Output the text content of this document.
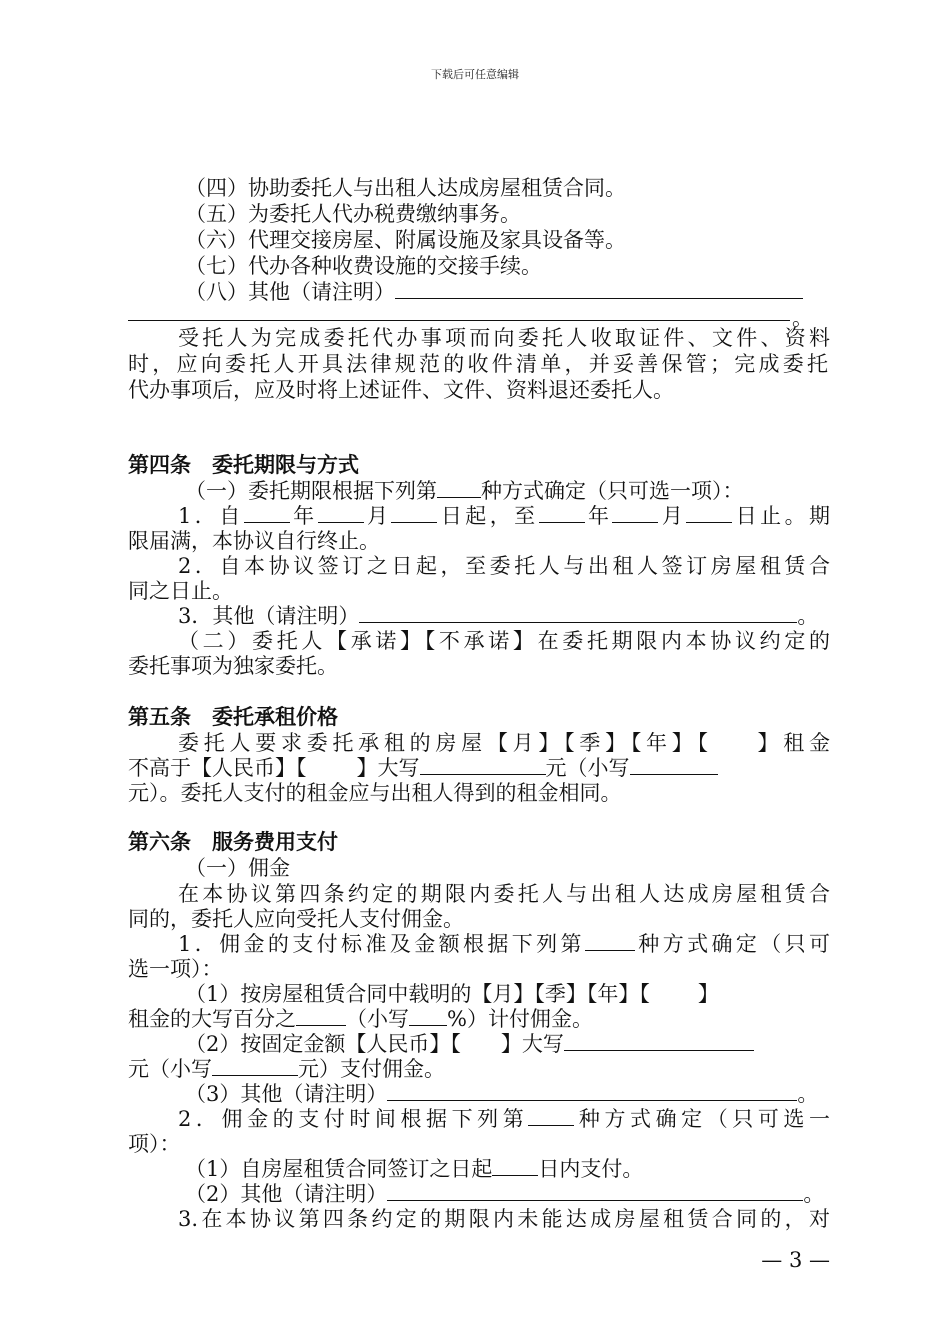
下载后可任意编辑
（四）协助委托人与出租人达成房屋租赁合同。
（五）为委托人代办税费缴纳事务。
（六）代理交接房屋、附属设施及家具设备等。
（七）代办各种收费设施的交接手续。
（八）其他（请注明）
。
受托人为完成委托代办事项而向委托人收取证件、文件、资料
时，应向委托人开具法律规范的收件清单，并妥善保管；完成委托
代办事项后，应及时将上述证件、文件、资料退还委托人。
第四条　委托期限与方式
（一）委托期限根据下列第 种方式确定（只可选一项）：
1．自 年 月 日起，至 年 月 日止。期
限届满，本协议自行终止。
2．自本协议签订之日起，至委托人与出租人签订房屋租赁合
同之日止。
3．其他（请注明）	。
（二）委托人【承诺】【不承诺】在委托期限内本协议约定的
委托事项为独家委托。
第五条　委托承租价格
委托人要求委托承租的房屋【月】【季】【年】【 】租金
不高于【人民币】【 】大写	元（小写
元）。委托人支付的租金应与出租人得到的租金相同。
第六条　服务费用支付
（一）佣金
在本协议第四条约定的期限内委托人与出租人达成房屋租赁合
同的，委托人应向受托人支付佣金。
1．佣金的支付标准及金额根据下列第 种方式确定（只可
选一项）：
（1）按房屋租赁合同中载明的【月】【季】【年】【 】
租金的大写百分之 （小写 %）计付佣金。
（2）按固定金额【人民币】【 】大写
元（小写	元）支付佣金。
（3）其他（请注明）	。
2．佣金的支付时间根据下列第 种方式确定（只可选一
项）：
（1）自房屋租赁合同签订之日起 日内支付。
（2）其他（请注明）	。
3.在本协议第四条约定的期限内未能达成房屋租赁合同的，对
— 3 —
